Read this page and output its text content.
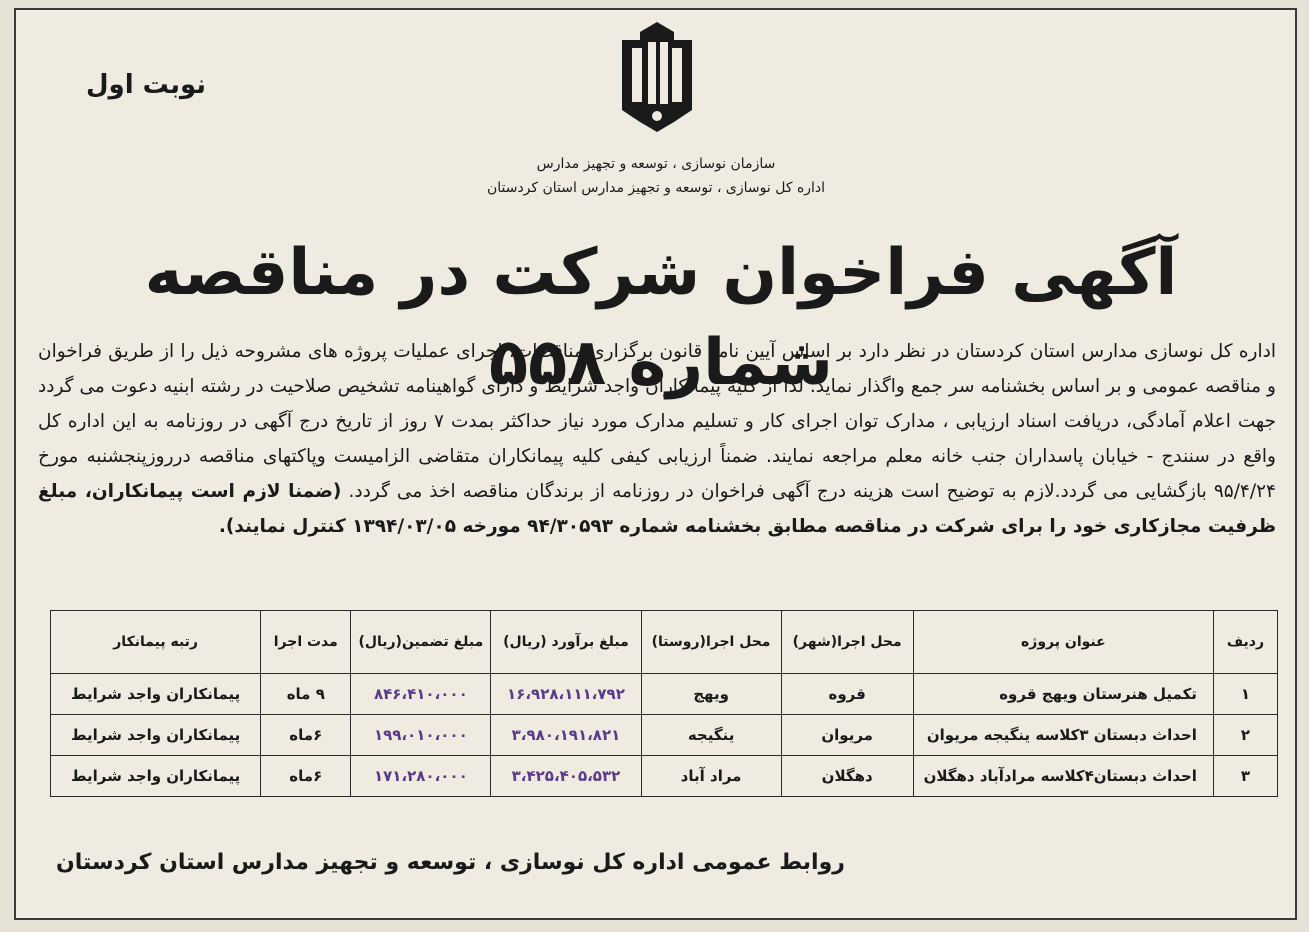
نوبت اول
سازمان نوسازی ، توسعه و تجهیز مدارس
اداره کل نوسازی ، توسعه و تجهیز مدارس استان کردستان
آگهی فراخوان شرکت در مناقصه شماره ۵۵۸
اداره کل نوسازی مدارس استان کردستان در نظر دارد بر اساس آیین نامه قانون برگزاری مناقصات، اجرای عملیات پروژه های مشروحه ذیل را از طریق فراخوان و مناقصه عمومی و بر اساس بخشنامه سر جمع واگذار نماید. لذا از کلیه پیمانکاران واجد شرایط و دارای گواهینامه تشخیص صلاحیت در رشته ابنیه دعوت می گردد جهت اعلام آمادگی، دریافت اسناد ارزیابی ، مدارک توان اجرای کار و تسلیم مدارک مورد نیاز حداکثر بمدت ۷ روز از تاریخ درج آگهی در روزنامه به این اداره کل واقع در سنندج - خیابان پاسداران جنب خانه معلم مراجعه نمایند. ضمناً ارزیابی کیفی کلیه پیمانکاران متقاضی الزامیست وپاکتهای مناقصه درروزپنجشنبه مورخ ۹۵/۴/۲۴ بازگشایی می گردد.لازم به توضیح است هزینه درج آگهی فراخوان در روزنامه از برندگان مناقصه اخذ می گردد. (ضمنا لازم است پیمانکاران، مبلغ ظرفیت مجازکاری خود را برای شرکت در مناقصه مطابق بخشنامه شماره ۹۴/۳۰۵۹۳ مورخه ۱۳۹۴/۰۳/۰۵ کنترل نمایند).
ردیف	عنوان پروژه	محل اجرا(شهر)	محل اجرا(روستا)	مبلغ برآورد (ریال)	مبلغ تضمین(ریال)	مدت اجرا	رتبه پیمانکار
۱	تکمیل هنرستان ویهج قروه	قروه	ویهج	۱۶،۹۲۸،۱۱۱،۷۹۲	۸۴۶،۴۱۰،۰۰۰	۹ ماه	پیمانکاران واجد شرایط
۲	احداث دبستان ۳کلاسه ینگیجه مریوان	مریوان	ینگیجه	۳،۹۸۰،۱۹۱،۸۲۱	۱۹۹،۰۱۰،۰۰۰	۶ماه	پیمانکاران واجد شرایط
۳	احداث دبستان۴کلاسه مرادآباد دهگلان	دهگلان	مراد آباد	۳،۴۲۵،۴۰۵،۵۳۲	۱۷۱،۲۸۰،۰۰۰	۶ماه	پیمانکاران واجد شرایط
روابط عمومی اداره کل نوسازی ، توسعه و تجهیز مدارس استان کردستان
